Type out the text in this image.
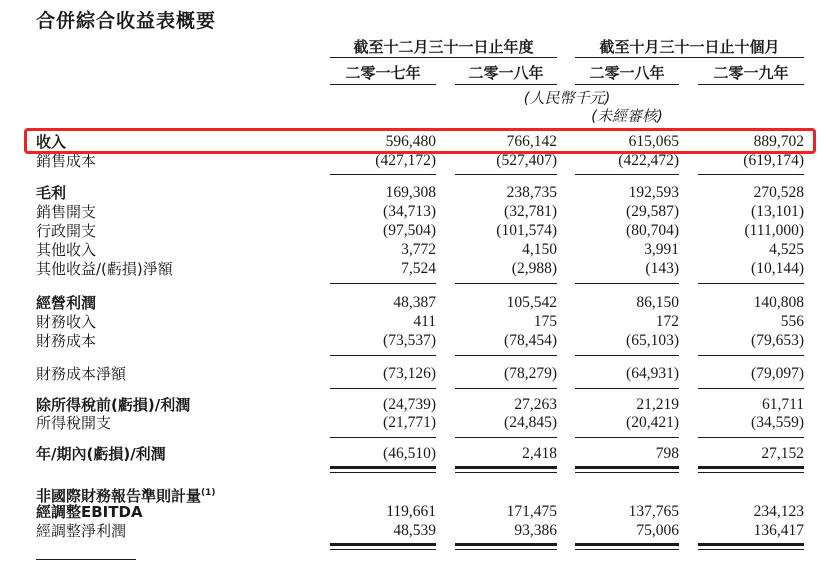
合併綜合收益表概要
截至十二月三十一日止年度	截至十月三十一日止十個月
二零一七年	二零一八年	二零一八年	二零一九年
(人民幣千元)
(未經審核)
收入	596,480	766,142	615,065	889,702
銷售成本	(427,172)	(527,407)	(422,472)	(619,174)
毛利	169,308	238,735	192,593	270,528
銷售開支	(34,713)	(32,781)	(29,587)	(13,101)
行政開支	(97,504)	(101,574)	(80,704)	(111,000)
其他收入	3,772	4,150	3,991	4,525
其他收益/(虧損)淨額	7,524	(2,988)	(143)	(10,144)
經營利潤	48,387	105,542	86,150	140,808
財務收入	411	175	172	556
財務成本	(73,537)	(78,454)	(65,103)	(79,653)
財務成本淨額	(73,126)	(78,279)	(64,931)	(79,097)
除所得稅前(虧損)/利潤	(24,739)	27,263	21,219	61,711
所得稅開支	(21,771)	(24,845)	(20,421)	(34,559)
年/期內(虧損)/利潤	(46,510)	2,418	798	27,152
非國際財務報告準則計量$^{(1)}$
經調整EBITDA	119,661	171,475	137,765	234,123
經調整淨利潤	48,539	93,386	75,006	136,417
